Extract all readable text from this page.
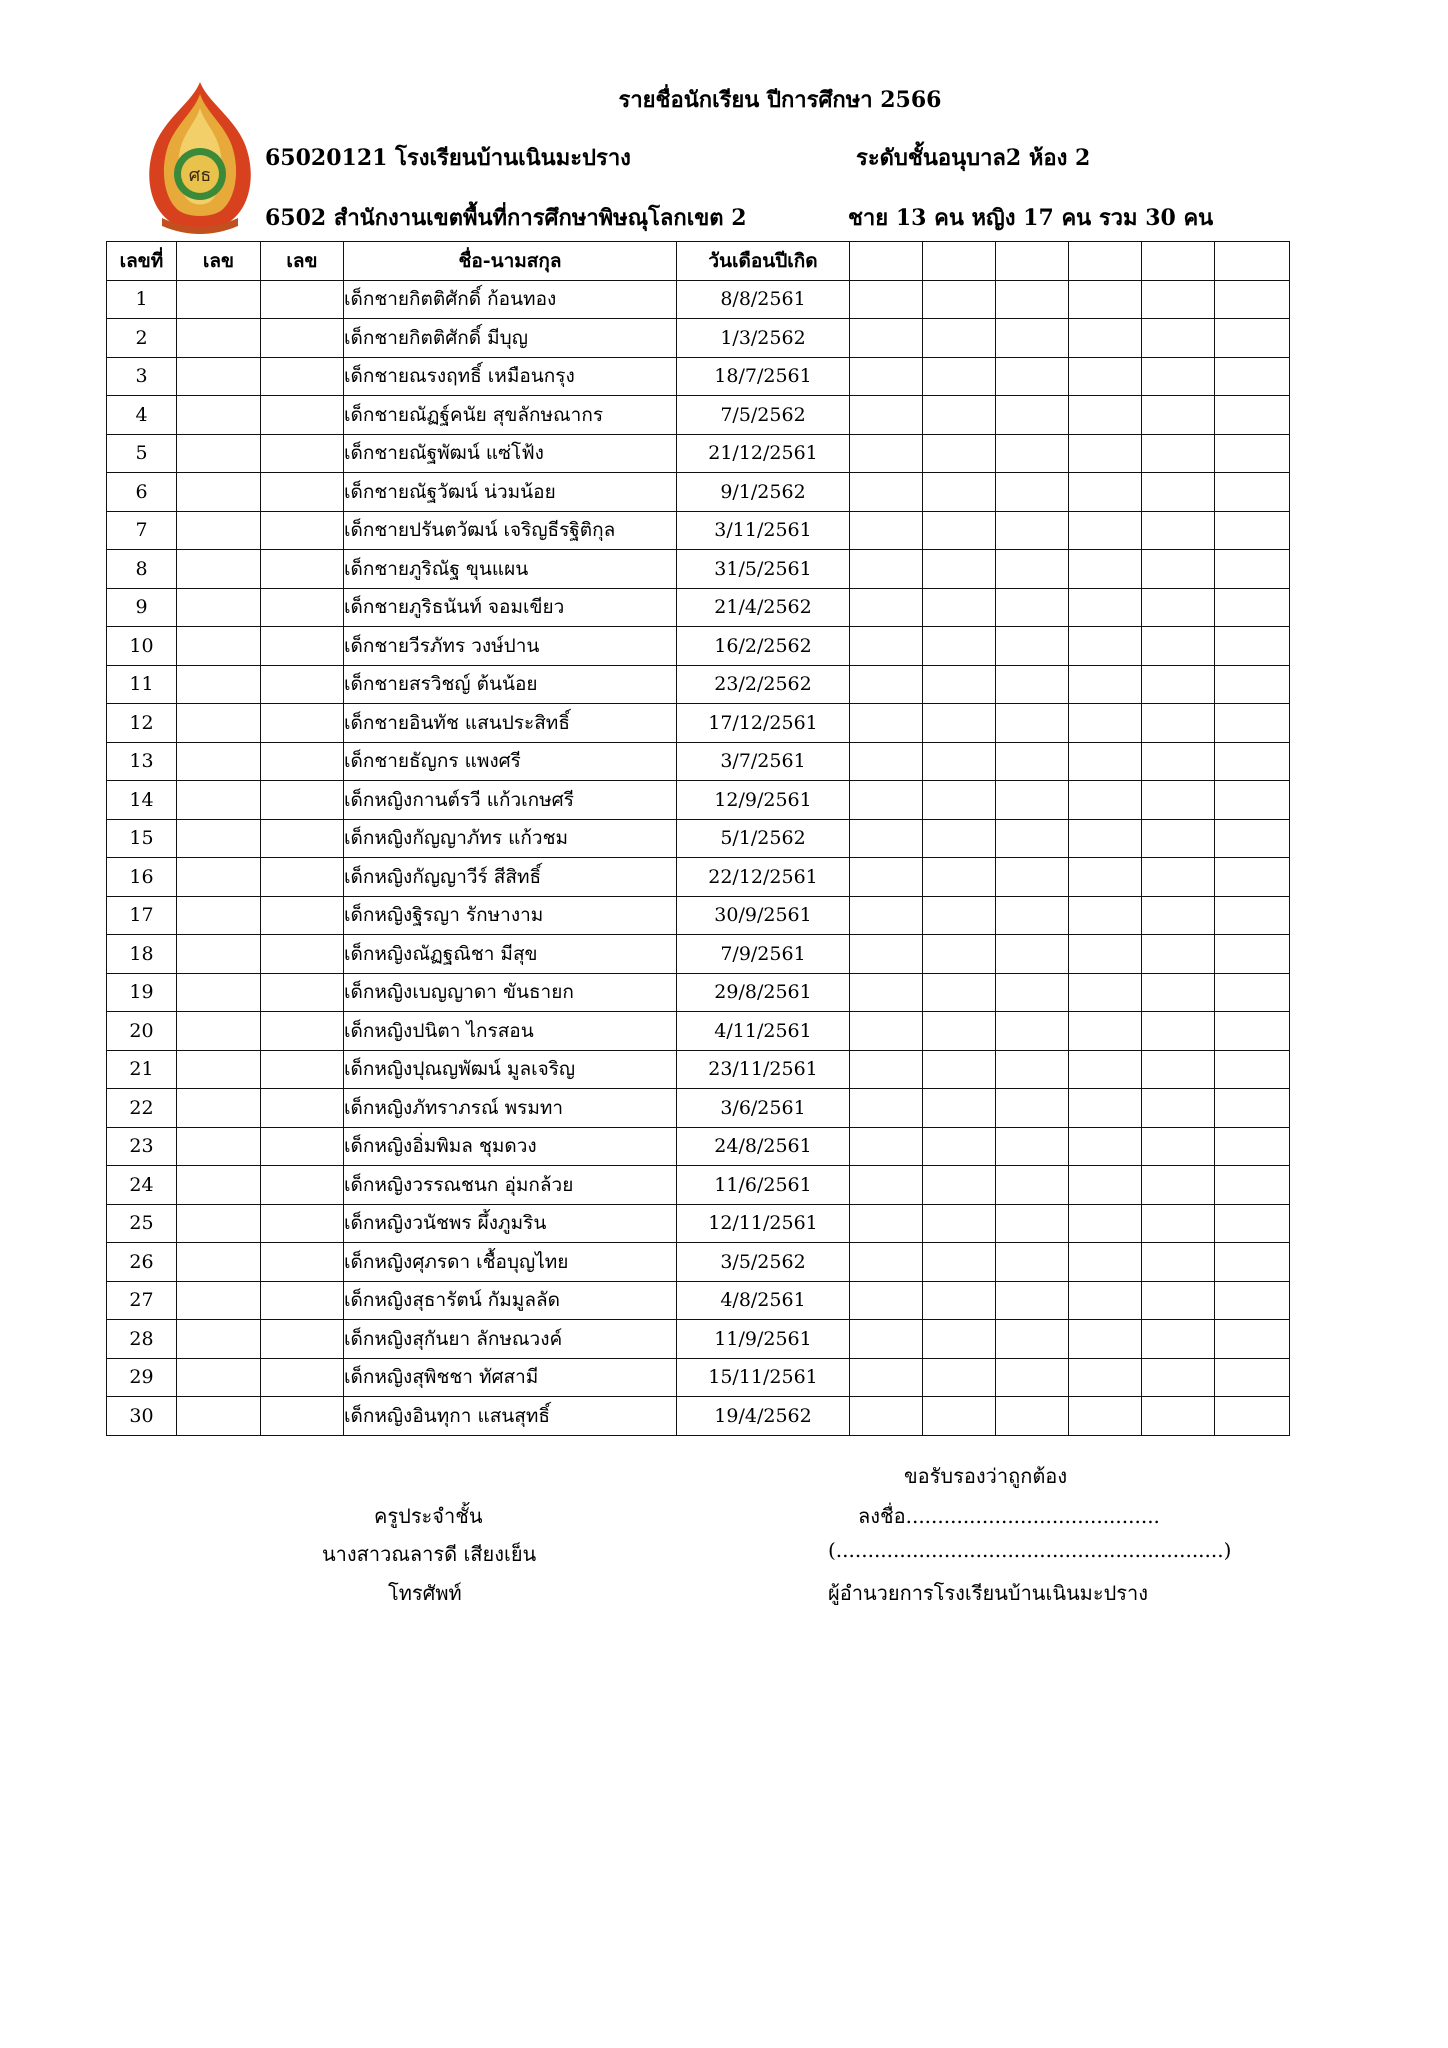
รายชื่อนักเรียน ปีการศึกษา 2566
ศธ
65020121 โรงเรียนบ้านเนินมะปราง	ระดับชั้นอนุบาล2 ห้อง 2
6502 สำนักงานเขตพื้นที่การศึกษาพิษณุโลกเขต 2	ชาย 13 คน หญิง 17 คน รวม 30 คน
เลขที่	เลข	เลข	ชื่อ-นามสกุล	วันเดือนปีเกิด						
1			เด็กชายกิตติศักดิ์ ก้อนทอง	8/8/2561						
2			เด็กชายกิตติศักดิ์ มีบุญ	1/3/2562						
3			เด็กชายณรงฤทธิ์ เหมือนกรุง	18/7/2561						
4			เด็กชายณัฏฐ์คนัย สุขลักษณากร	7/5/2562						
5			เด็กชายณัฐพัฒน์ แซ่โฟ้ง	21/12/2561						
6			เด็กชายณัฐวัฒน์ น่วมน้อย	9/1/2562						
7			เด็กชายปรันตวัฒน์ เจริญธีรฐิติกุล	3/11/2561						
8			เด็กชายภูริณัฐ ขุนแผน	31/5/2561						
9			เด็กชายภูริธนันท์ จอมเขียว	21/4/2562						
10			เด็กชายวีรภัทร วงษ์ปาน	16/2/2562						
11			เด็กชายสรวิชญ์ ต้นน้อย	23/2/2562						
12			เด็กชายอินทัช แสนประสิทธิ์	17/12/2561						
13			เด็กชายธัญกร แพงศรี	3/7/2561						
14			เด็กหญิงกานต์รวี แก้วเกษศรี	12/9/2561						
15			เด็กหญิงกัญญาภัทร แก้วชม	5/1/2562						
16			เด็กหญิงกัญญาวีร์ สีสิทธิ์	22/12/2561						
17			เด็กหญิงฐิรญา รักษางาม	30/9/2561						
18			เด็กหญิงณัฏฐณิชา มีสุข	7/9/2561						
19			เด็กหญิงเบญญาดา ขันธายก	29/8/2561						
20			เด็กหญิงปนิตา ไกรสอน	4/11/2561						
21			เด็กหญิงปุณญพัฒน์ มูลเจริญ	23/11/2561						
22			เด็กหญิงภัทราภรณ์ พรมทา	3/6/2561						
23			เด็กหญิงอิ่มพิมล ชุมดวง	24/8/2561						
24			เด็กหญิงวรรณชนก อุ่มกล้วย	11/6/2561						
25			เด็กหญิงวนัชพร ผึ้งภูมริน	12/11/2561						
26			เด็กหญิงศุภรดา เชื้อบุญไทย	3/5/2562						
27			เด็กหญิงสุธารัตน์ กัมมูลลัด	4/8/2561						
28			เด็กหญิงสุกันยา ลักษณวงค์	11/9/2561						
29			เด็กหญิงสุพิชชา ทัศสามี	15/11/2561						
30			เด็กหญิงอินทุกา แสนสุทธิ์	19/4/2562						
ขอรับรองว่าถูกต้อง
ครูประจำชั้น	ลงชื่อ........................................
นางสาวณลารดี เสียงเย็น	(.............................................................)
โทรศัพท์	ผู้อำนวยการโรงเรียนบ้านเนินมะปราง
